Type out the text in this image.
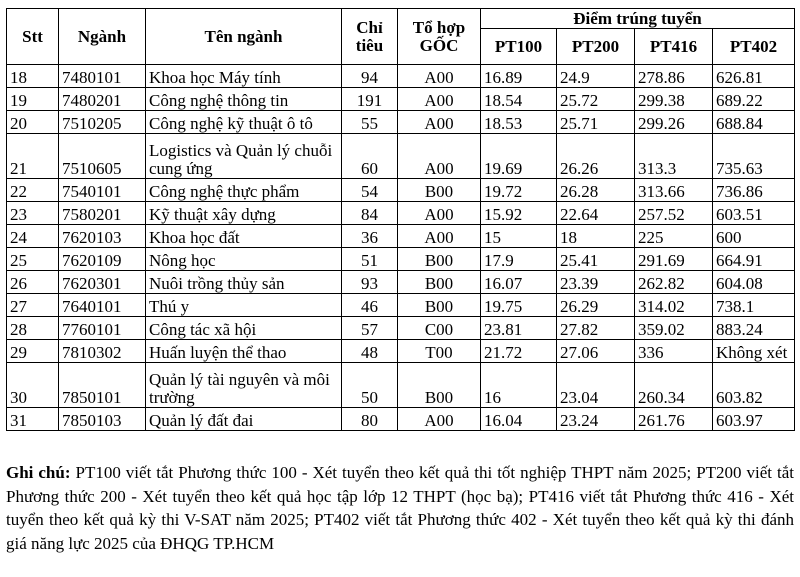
Stt	Ngành	Tên ngành	Chỉ tiêu	Tổ hợp GỐC	Điểm trúng tuyển			
					PT100	PT200	PT416	PT402
18	7480101	Khoa học Máy tính	94	A00	16.89	24.9	278.86	626.81
19	7480201	Công nghệ thông tin	191	A00	18.54	25.72	299.38	689.22
20	7510205	Công nghệ kỹ thuật ô tô	55	A00	18.53	25.71	299.26	688.84
21	7510605	Logistics và Quản lý chuỗi cung ứng	60	A00	19.69	26.26	313.3	735.63
22	7540101	Công nghệ thực phẩm	54	B00	19.72	26.28	313.66	736.86
23	7580201	Kỹ thuật xây dựng	84	A00	15.92	22.64	257.52	603.51
24	7620103	Khoa học đất	36	A00	15	18	225	600
25	7620109	Nông học	51	B00	17.9	25.41	291.69	664.91
26	7620301	Nuôi trồng thủy sản	93	B00	16.07	23.39	262.82	604.08
27	7640101	Thú y	46	B00	19.75	26.29	314.02	738.1
28	7760101	Công tác xã hội	57	C00	23.81	27.82	359.02	883.24
29	7810302	Huấn luyện thể thao	48	T00	21.72	27.06	336	Không xét
30	7850101	Quản lý tài nguyên và môi trường	50	B00	16	23.04	260.34	603.82
31	7850103	Quản lý đất đai	80	A00	16.04	23.24	261.76	603.97
Ghi chú: PT100 viết tắt Phương thức 100 - Xét tuyển theo kết quả thi tốt nghiệp THPT năm 2025; PT200 viết tắt Phương thức 200 - Xét tuyển theo kết quả học tập lớp 12 THPT (học bạ); PT416 viết tắt Phương thức 416 - Xét tuyển theo kết quả kỳ thi V-SAT năm 2025; PT402 viết tắt Phương thức 402 - Xét tuyển theo kết quả kỳ thi đánh giá năng lực 2025 của ĐHQG TP.HCM
